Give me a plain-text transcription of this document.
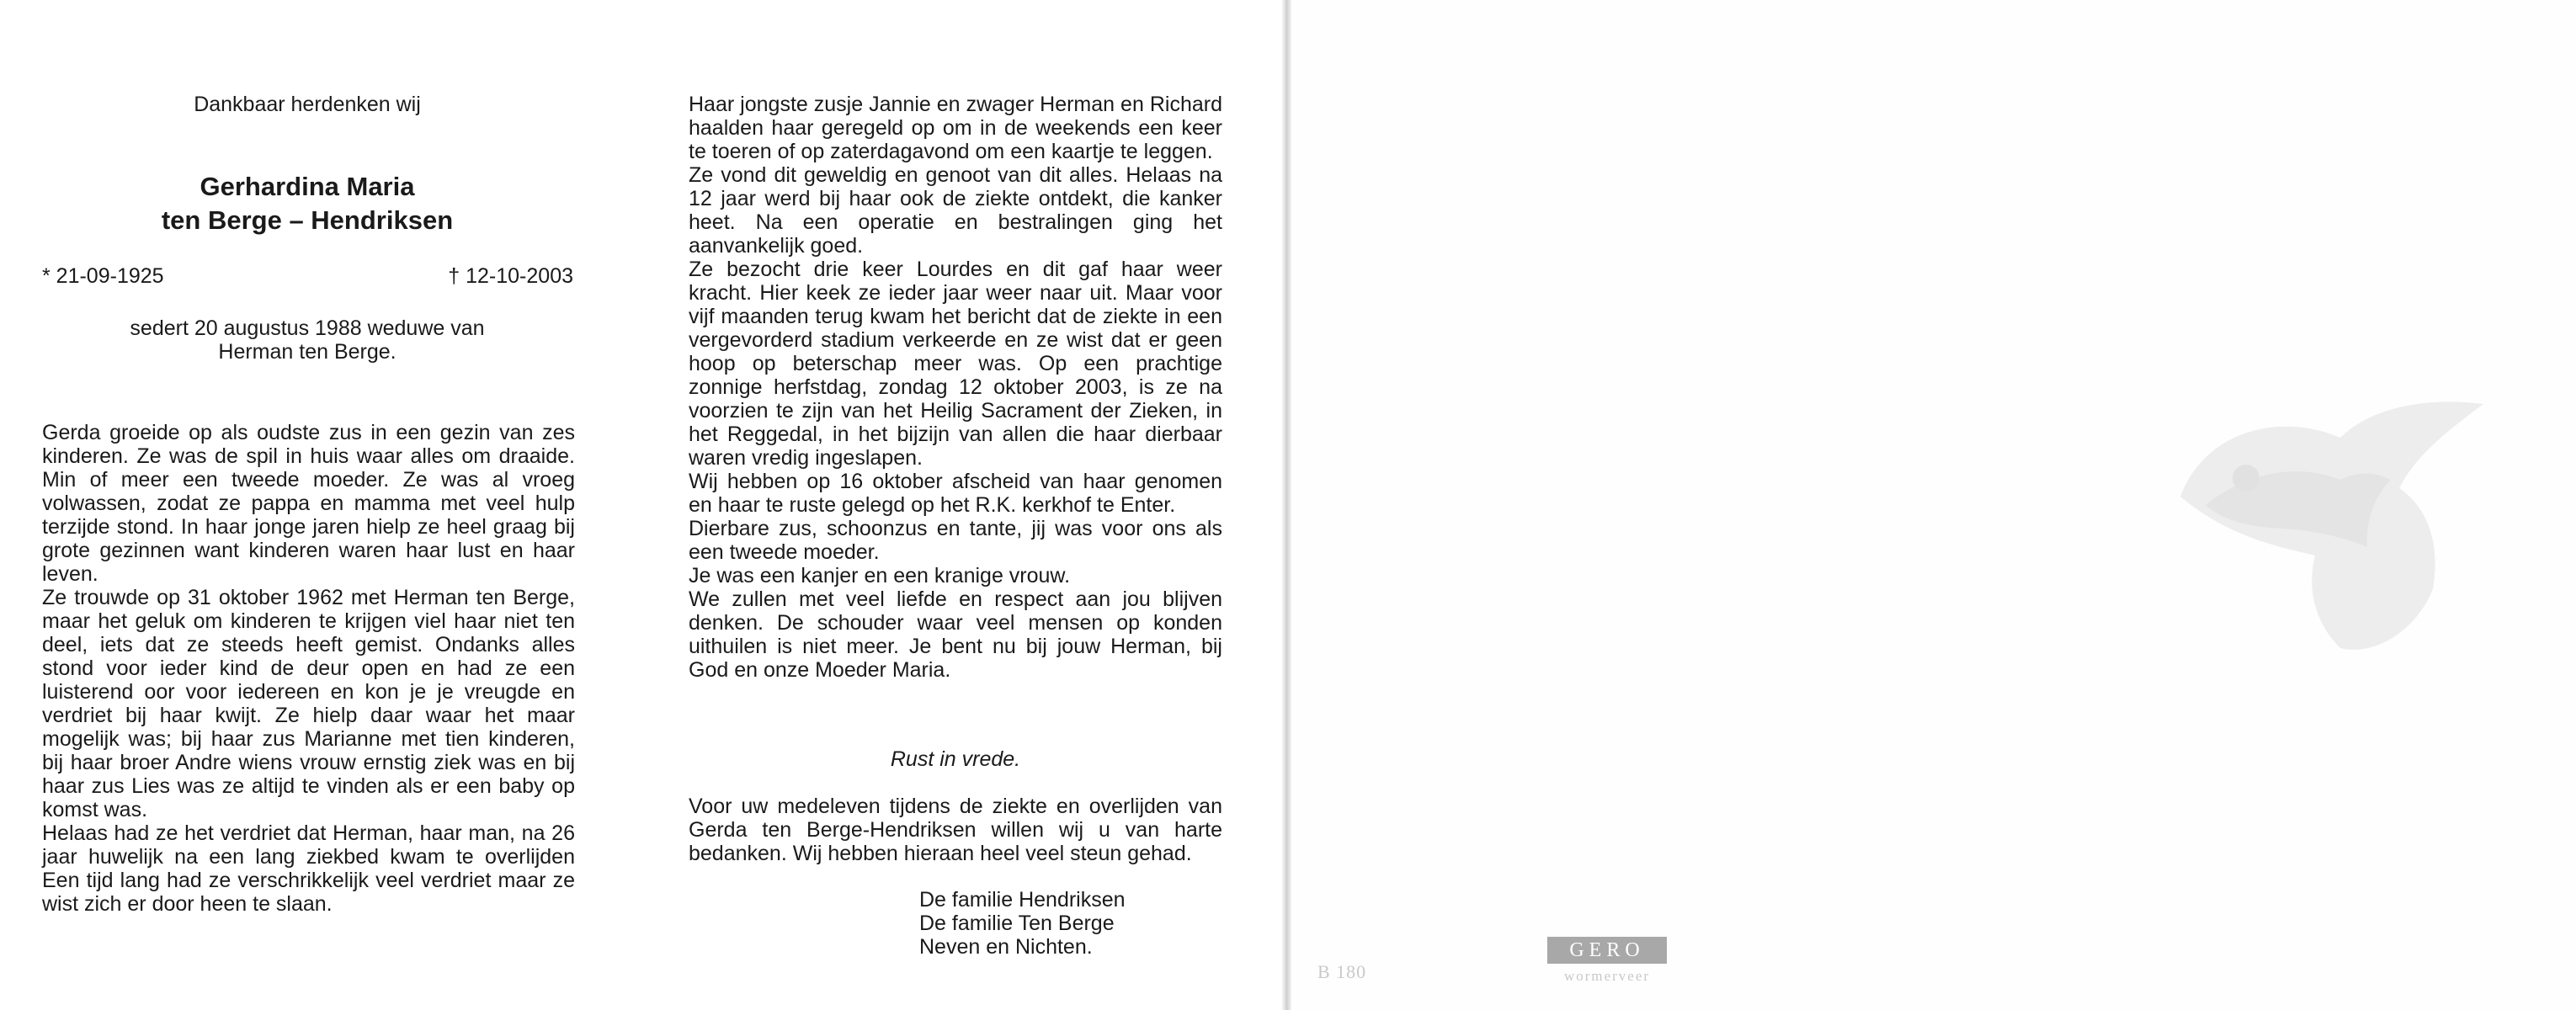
Dankbaar herdenken wij
Gerhardina Maria
ten Berge – Hendriksen
* 21-09-1925	† 12-10-2003
sedert 20 augustus 1988 weduwe van
Herman ten Berge.

Gerda groeide op als oudste zus in een gezin van zes kinderen. Ze was de spil in huis waar alles om draaide. Min of meer een tweede moeder. Ze was al vroeg volwassen, zodat ze pappa en mamma met veel hulp terzijde stond. In haar jonge jaren hielp ze heel graag bij grote gezinnen want kinderen waren haar lust en haar leven.

Ze trouwde op 31 oktober 1962 met Herman ten Berge, maar het geluk om kinderen te krijgen viel haar niet ten deel, iets dat ze steeds heeft gemist. Ondanks alles stond voor ieder kind de deur open en had ze een luisterend oor voor iedereen en kon je je vreugde en verdriet bij haar kwijt. Ze hielp daar waar het maar mogelijk was; bij haar zus Marianne met tien kinderen, bij haar broer Andre wiens vrouw ernstig ziek was en bij haar zus Lies was ze altijd te vinden als er een baby op komst was.

Helaas had ze het verdriet dat Herman, haar man, na 26 jaar huwelijk na een lang ziekbed kwam te overlijden Een tijd lang had ze verschrikkelijk veel verdriet maar ze wist zich er door heen te slaan.

Haar jongste zusje Jannie en zwager Herman en Richard haalden haar geregeld op om in de weekends een keer te toeren of op zaterdagavond om een kaartje te leggen.

Ze vond dit geweldig en genoot van dit alles. Helaas na 12 jaar werd bij haar ook de ziekte ontdekt, die kanker heet. Na een operatie en bestralingen ging het aanvankelijk goed.

Ze bezocht drie keer Lourdes en dit gaf haar weer kracht. Hier keek ze ieder jaar weer naar uit. Maar voor vijf maanden terug kwam het bericht dat de ziekte in een vergevorderd stadium verkeerde en ze wist dat er geen hoop op beterschap meer was. Op een prachtige zonnige herfstdag, zondag 12 oktober 2003, is ze na voorzien te zijn van het Heilig Sacrament der Zieken, in het Reggedal, in het bijzijn van allen die haar dierbaar waren vredig ingeslapen.

Wij hebben op 16 oktober afscheid van haar genomen en haar te ruste gelegd op het R.K. kerkhof te Enter.

Dierbare zus, schoonzus en tante, jij was voor ons als een tweede moeder.

Je was een kanjer en een kranige vrouw.

We zullen met veel liefde en respect aan jou blijven denken. De schouder waar veel mensen op konden uithuilen is niet meer. Je bent nu bij jouw Herman, bij God en onze Moeder Maria.

Rust in vrede.
Voor uw medeleven tijdens de ziekte en overlijden van Gerda ten Berge-Hendriksen willen wij u van harte bedanken. Wij hebben hieraan heel veel steun gehad.
De familie Hendriksen
De familie Ten Berge
Neven en Nichten.
B 180
GERO
wormerveer
